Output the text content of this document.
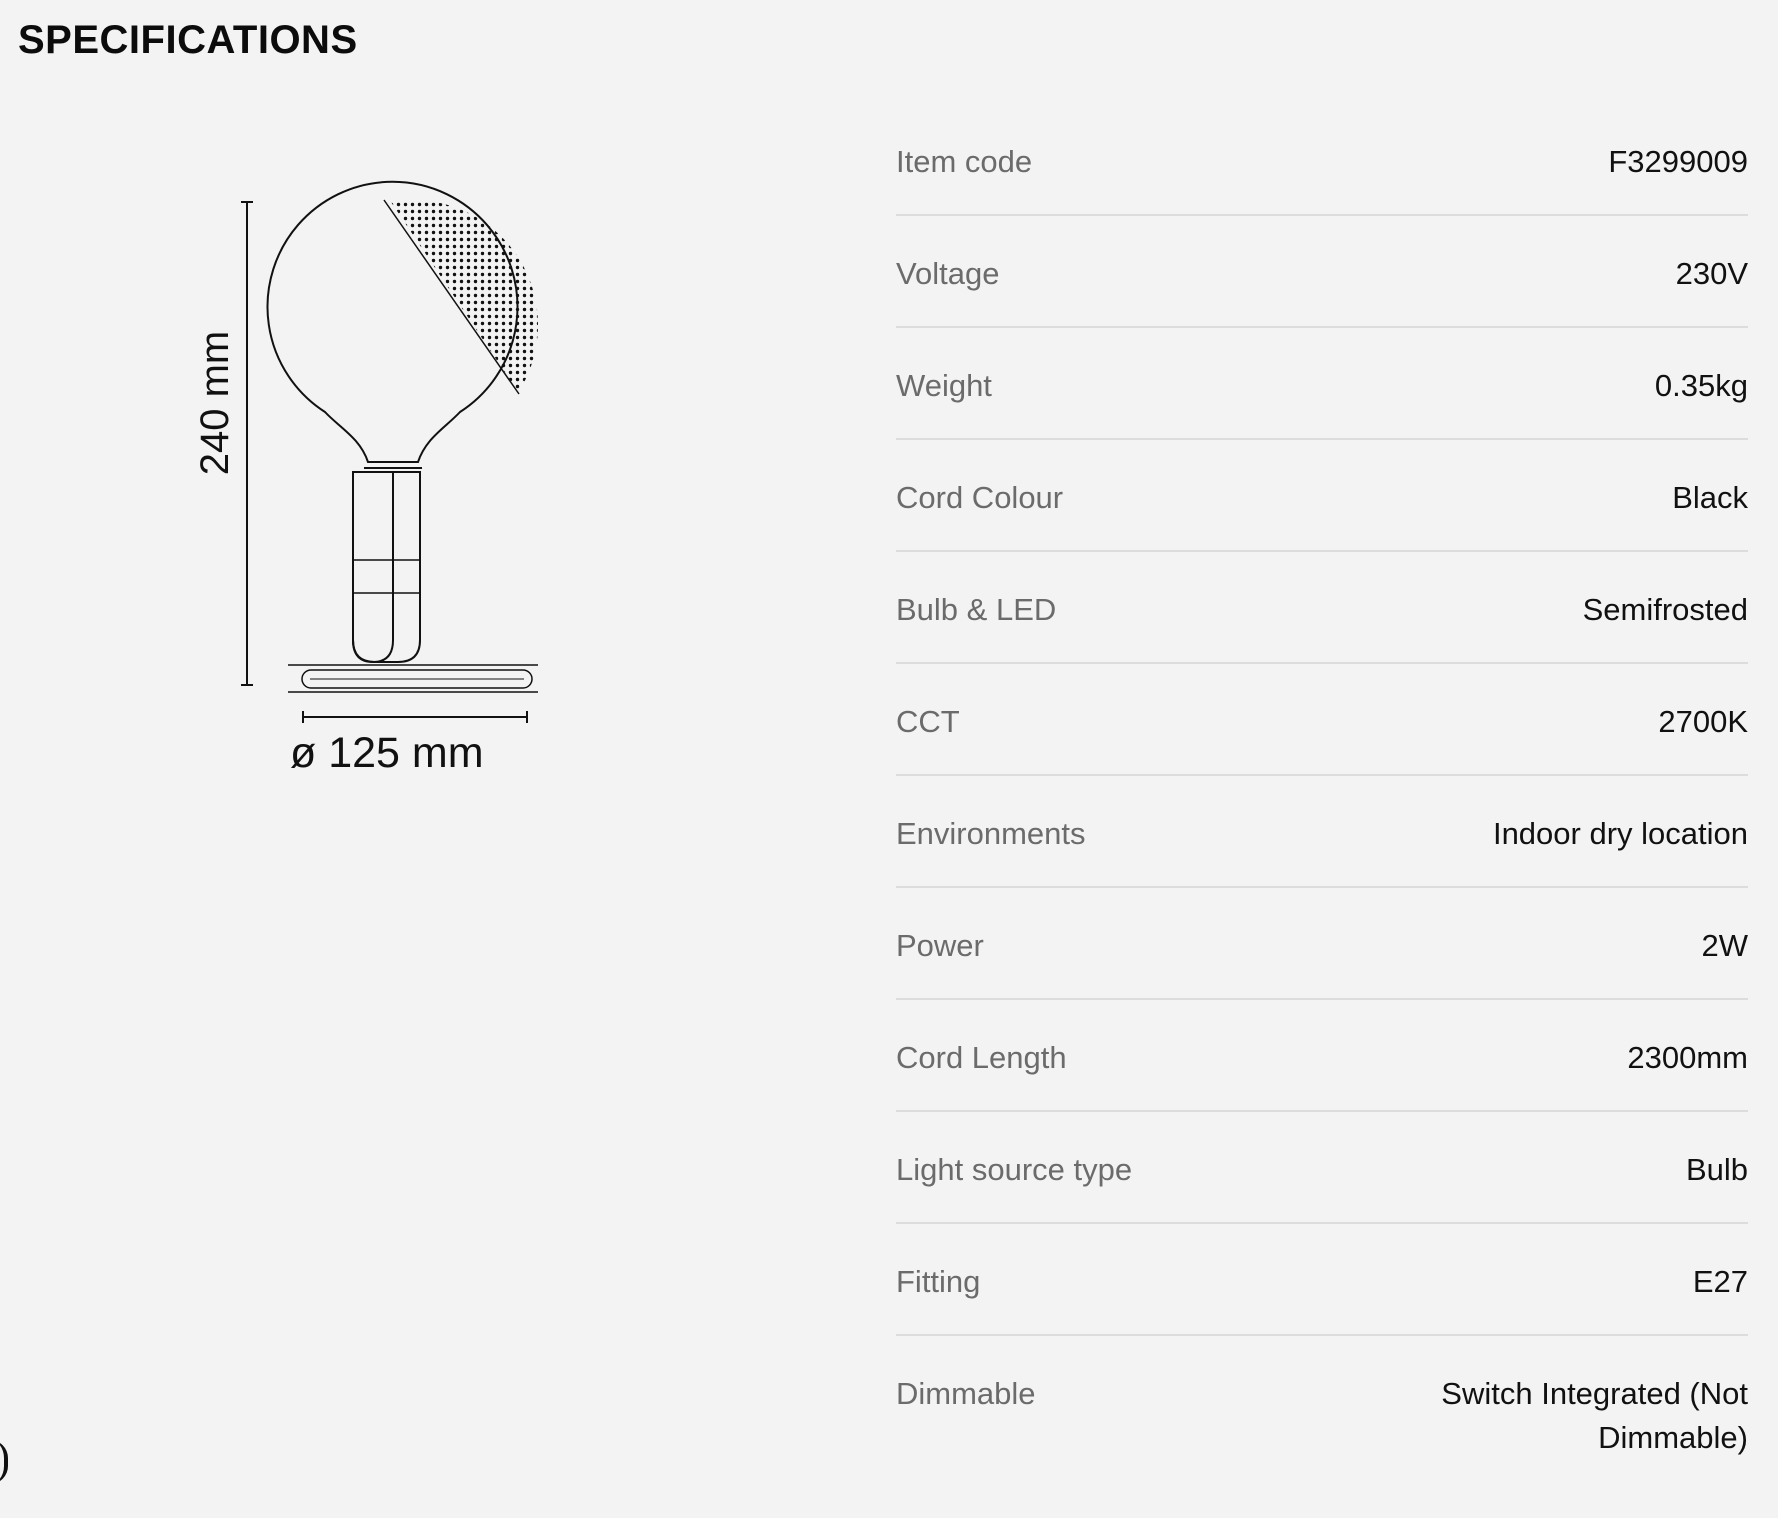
SPECIFICATIONS
240 mm
ø 125 mm
Item code	F3299009
Voltage	230V
Weight	0.35kg
Cord Colour	Black
Bulb & LED	Semifrosted
CCT	2700K
Environments	Indoor dry location
Power	2W
Cord Length	2300mm
Light source type	Bulb
Fitting	E27
Dimmable	Switch Integrated (Not Dimmable)
